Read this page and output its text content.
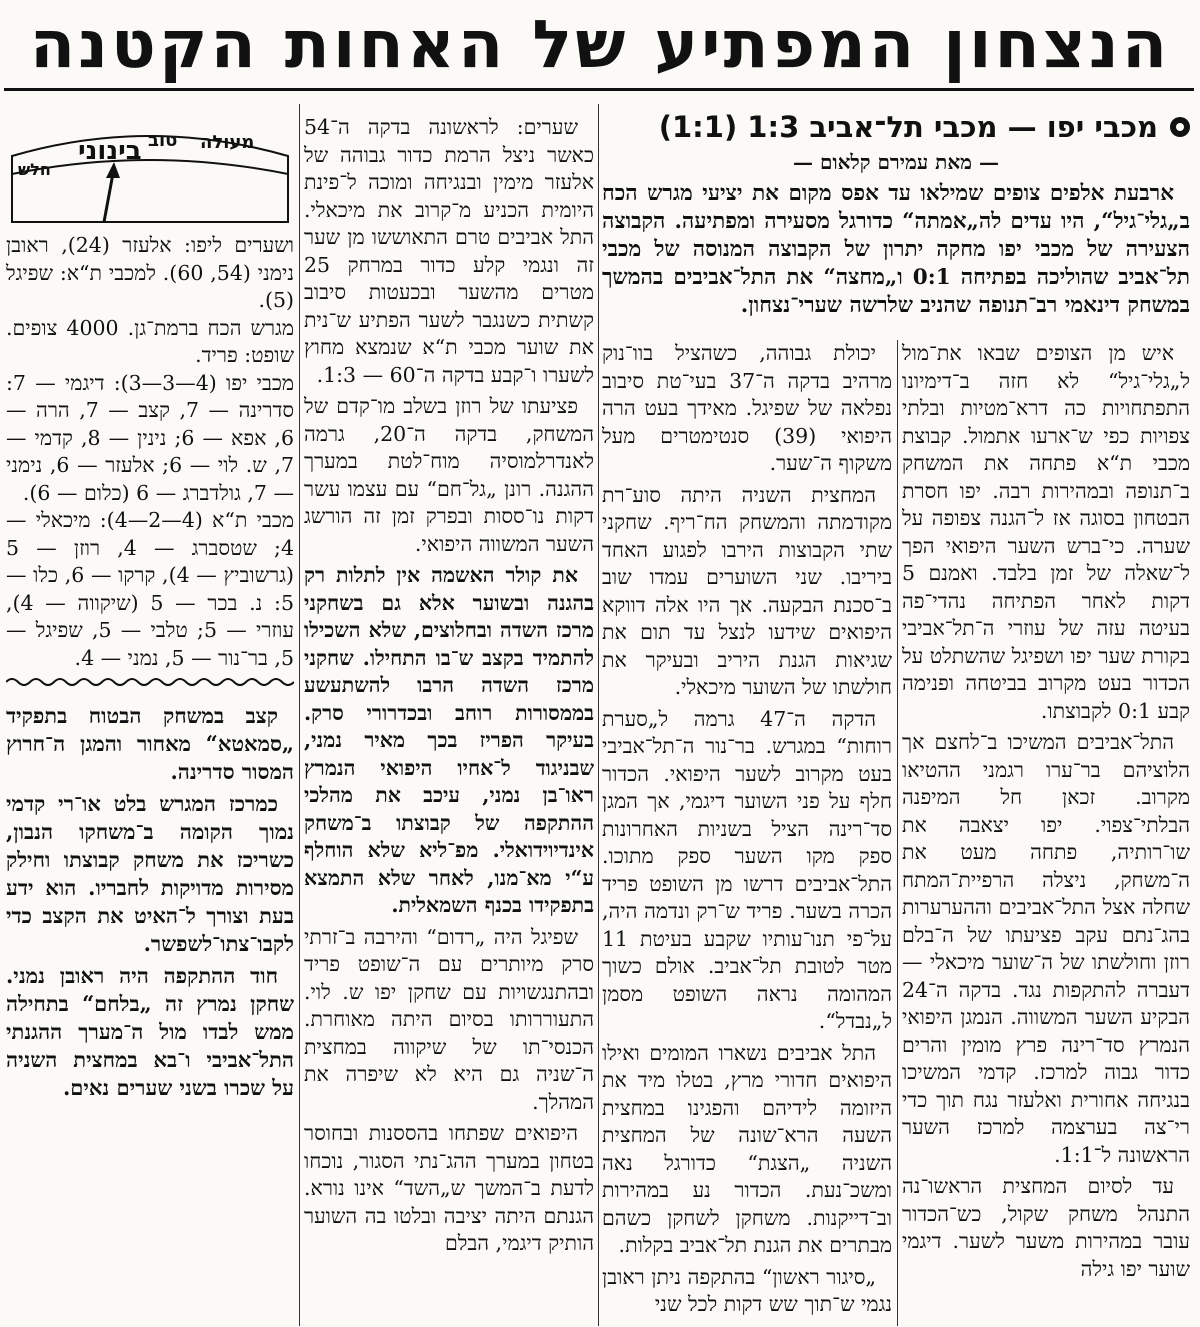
הנצחון המפתיע של האחות הקטנה
מכבי יפו — מכבי תל־אביב 1:3 (1:1)
— מאת עמירם קלאום —

ארבעת אלפים צופים שמילאו עד אפס מקום את יציעי מגרש הכח ב„גלי־גיל“, היו עדים לה„אמתה“ כדורגל מסעירה ומפתיעה. הקבוצה הצעירה של מכבי יפו מחקה יתרון של הקבוצה המנוסה של מכבי תל־אביב שהוליכה בפתיחה 0:1 ו„מחצה“ את התל־אביבים בהמשך במשחק דינאמי רב־תנופה שהניב שלרשה שערי־נצחון.

איש מן הצופים שבאו את־מול ל„גלי־גיל“ לא חזה ב־דימיונו התפתחויות כה דרא־מטיות ובלתי צפויות כפי ש־ארעו אתמול. קבוצת מכבי ת“א פתחה את המשחק ב־תנופה ובמהירות רבה. יפו חסרת הבטחון בסוגה אז ל־הגנה צפופה על שערה. כי־ברש השער היפואי הפך ל־שאלה של זמן בלבד. ואמנם 5 דקות לאחר הפתיחה נהדי־פה בעיטה עזה של עוזרי ה־תל־אביבי בקורת שער יפו ושפיגל שהשתלט על הכדור בעט מקרוב בביטחה ופנימה קבע 0:1 לקבוצתו.

התל־אביבים המשיכו ב־לחצם אך הלוציהם בר־ערו רגמני ההטיאו מקרוב. זכאן חל המיפנה הבלתי־צפוי. יפו יצאבה את שו־רותיה, פתחה מעט את ה־משחק, ניצלה הרפיית־המתח שחלה אצל התל־אביבים וההערערות בהג־נתם עקב פציעתו של ה־בלם רוזן וחולשתו של ה־שוער מיכאלי — דעברה להתקפות נגד. בדקה ה־24 הבקיע השער המשווה. הנמגן היפואי הנמרץ סד־רינה פרץ מומין והרים כדור גבוה למרכז. קדמי המשיכו בנגיחה אחורית ואלעזר נגח תוך כדי רי־צה בערצמה למרכז השער הראשונה ל־1:1.

עד לסיום המחצית הראשו־נה התנהל משחק שקול, כש־הכדור עובר במהירות משער לשער. דיגמי שוער יפו גילה

יכולת גבוהה, כשהציל בוו־נוק מרהיב בדקה ה־37 בעי־טת סיבוב נפלאה של שפיגל. מאידך בעט הרה היפואי (39) סנטימטרים מעל משקוף ה־שער.

המחצית השניה היתה סוע־רת מקודמתה והמשחק הח־ריף. שחקני שתי הקבוצות הירבו לפגוע האחד ביריבו. שני השוערים עמדו שוב ב־סכנת הבקעה. אך היו אלה דווקא היפואים שידעו לנצל עד תום את שגיאות הגנת היריב ובעיקר את חולשתו של השוער מיכאלי.

הדקה ה־47 גרמה ל„סערת רוחות“ במגרש. בר־נור ה־תל־אביבי בעט מקרוב לשער היפואי. הכדור חלף על פני השוער דיגמי, אך המגן סד־רינה הציל בשניות האחרונות ספק מקו השער ספק מתוכו. התל־אביבים דרשו מן השופט פריד הכרה בשער. פריד ש־רק ונדמה היה, על־פי תנו־עותיו שקבע בעיטת 11 מטר לטובת תל־אביב. אולם כשוך המהומה נראה השופט מסמן ל„נבדל“.

התל אביבים נשארו המומים ואילו היפואים חדורי מרץ, בטלו מיד את היזומה לידיהם והפגינו במחצית השעה הרא־שונה של המחצית השניה „הצגת“ כדורגל נאה ומשכ־נעת. הכדור נע במהירות וב־דייקנות. משחקן לשחקן כשהם מבתרים את הגנת תל־אביב בקלות.

„סיגור ראשון“ בהתקפה ניתן ראובן נגמי ש־תוך שש דקות לכל שני

שערים: לראשונה בדקה ה־54 כאשר ניצל הרמת כדור גבוהה של אלעזר מימין ובנגיחה ומוכה ל־פינת היומית הכניע מ־קרוב את מיכאלי. התל אביבים טרם התאוששו מן שער זה ונגמי קלע כדור במרחק 25 מטרים מהשער ובכעטות סיבוב קשתית כשנגבר לשער הפתיע ש־נית את שוער מכבי ת“א שנמצא מחוץ לשערו ו־קבע בדקה ה־60 — 1:3.

פציעתו של רוזן בשלב מו־קדם של המשחק, בדקה ה־20, גרמה לאנדרלמוסיה מוח־לטת במערך ההגנה. רונן „גל־חם“ עם עצמו עשר דקות נו־ססות ובפרק זמן זה הורשג השער המשווה היפואי.

את קולר האשמה אין לתלות רק בהגנה ובשוער אלא גם בשחקני מרכז השדה ובחלוצים, שלא השכילו להתמיד בקצב ש־בו התחילו. שחקני מרכז השדה הרבו להשתעשע בממסורות רוחב ובכדרורי סרק. בעיקר הפריז בכך מאיר נמני, שבניגוד ל־אחיו היפואי הנמרץ ראו־בן נמני, עיכב את מהלכי ההתקפה של קבוצתו ב־משחק אינדיוידואלי. מפ־ליא שלא הוחלף ע“י מא־מנו, לאחר שלא התמצא בתפקידו בכנף השמאלית.

שפיגל היה „רדום“ והירבה ב־זרתי סרק מיותרים עם ה־שופט פריד ובהתנגשויות עם שחקן יפו ש. לוי. התעוררותו בסיום היתה מאוחרת. הכנסי־תו של שיקווה במחצית ה־שניה גם היא לא שיפרה את המהלך.

היפואים שפתחו בהססנות ובחוסר בטחון במערך ההג־נתי הסגור, נוכחו לדעת ב־המשך ש„השד“ אינו נורא. הגנתם היתה יציבה ובלטו בה השוער הותיק דיגמי, הבלם

מעולה
טוב
בינוני
חלש

ושערים ליפו: אלעזר (24), ראובן נימני (54, 60). למכבי ת“א: שפיגל (5).

מגרש הכח ברמת־גן. 4000 צופים. שופט: פריד.

מכבי יפו (4—3—3): דיגמי — 7: סדרינה — 7, קצב — 7, הרה — 6, אפא — 6; נינין — 8, קדמי — 7, ש. לוי — 6; אלעזר — 6, נימני — 7, גולדברג — 6 (כלום — 6).

מכבי ת“א (4—2—4): מיכאלי — 4; שטסברג — 4, רוזן — 5 (גרשוביץ — 4), קרקו — 6, כלו — 5: נ. בכר — 5 (שיקווה — 4), עוזרי — 5; טלבי — 5, שפיגל — 5, בר־נור — 5, נמני — 4.

קצב במשחק הבטוח בתפקיד „סמאטא“ מאחור והמגן ה־חרוץ המסור סדרינה.

כמרכז המגרש בלט או־רי קדמי נמוך הקומה ב־משחקו הנבון, כשריכז את משחק קבוצתו וחילק מסירות מדויקות לחבריו. הוא ידע בעת וצורך ל־האיט את הקצב כדי לקבו־צתו־לשפשר.

חוד ההתקפה היה ראובן נמני. שחקן נמרץ זה „בלחם“ בתחילה ממש לבדו מול ה־מערך ההגנתי התל־אביבי ו־בא במחצית השניה על שכרו בשני שערים נאים.
